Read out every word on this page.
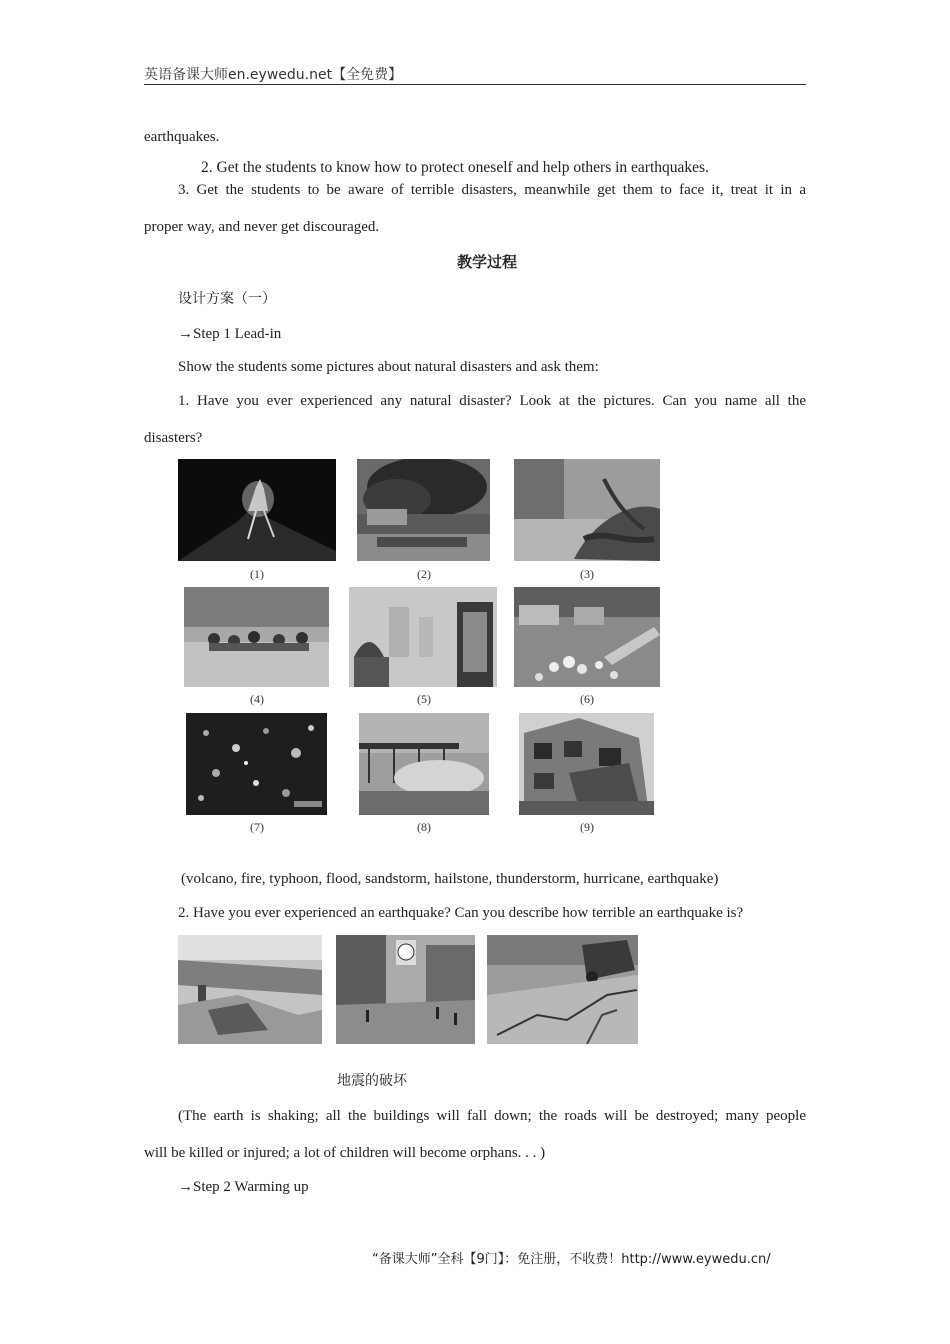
英语备课大师en.eywedu.net【全免费】
earthquakes.
2. Get the students to know how to protect oneself and help others in earthquakes.
3. Get the students to be aware of terrible disasters, meanwhile get them to face it, treat it in a
proper way, and never get discouraged.
教学过程
设计方案（一）
→Step 1 Lead-in
Show the students some pictures about natural disasters and ask them:
1. Have you ever experienced any natural disaster? Look at the pictures. Can you name all the
disasters?
(1)	(2)	(3)
(4)	(5)	(6)
(7)	(8)	(9)
(volcano, fire, typhoon, flood, sandstorm, hailstone, thunderstorm, hurricane, earthquake)
2. Have you ever experienced an earthquake? Can you describe how terrible an earthquake is?
地震的破坏
(The earth is shaking; all the buildings will fall down; the roads will be destroyed; many people
will be killed or injured; a lot of children will become orphans. . . )
→Step 2 Warming up
“备课大师”全科【9门】：免注册，不收费！http://www.eywedu.cn/
